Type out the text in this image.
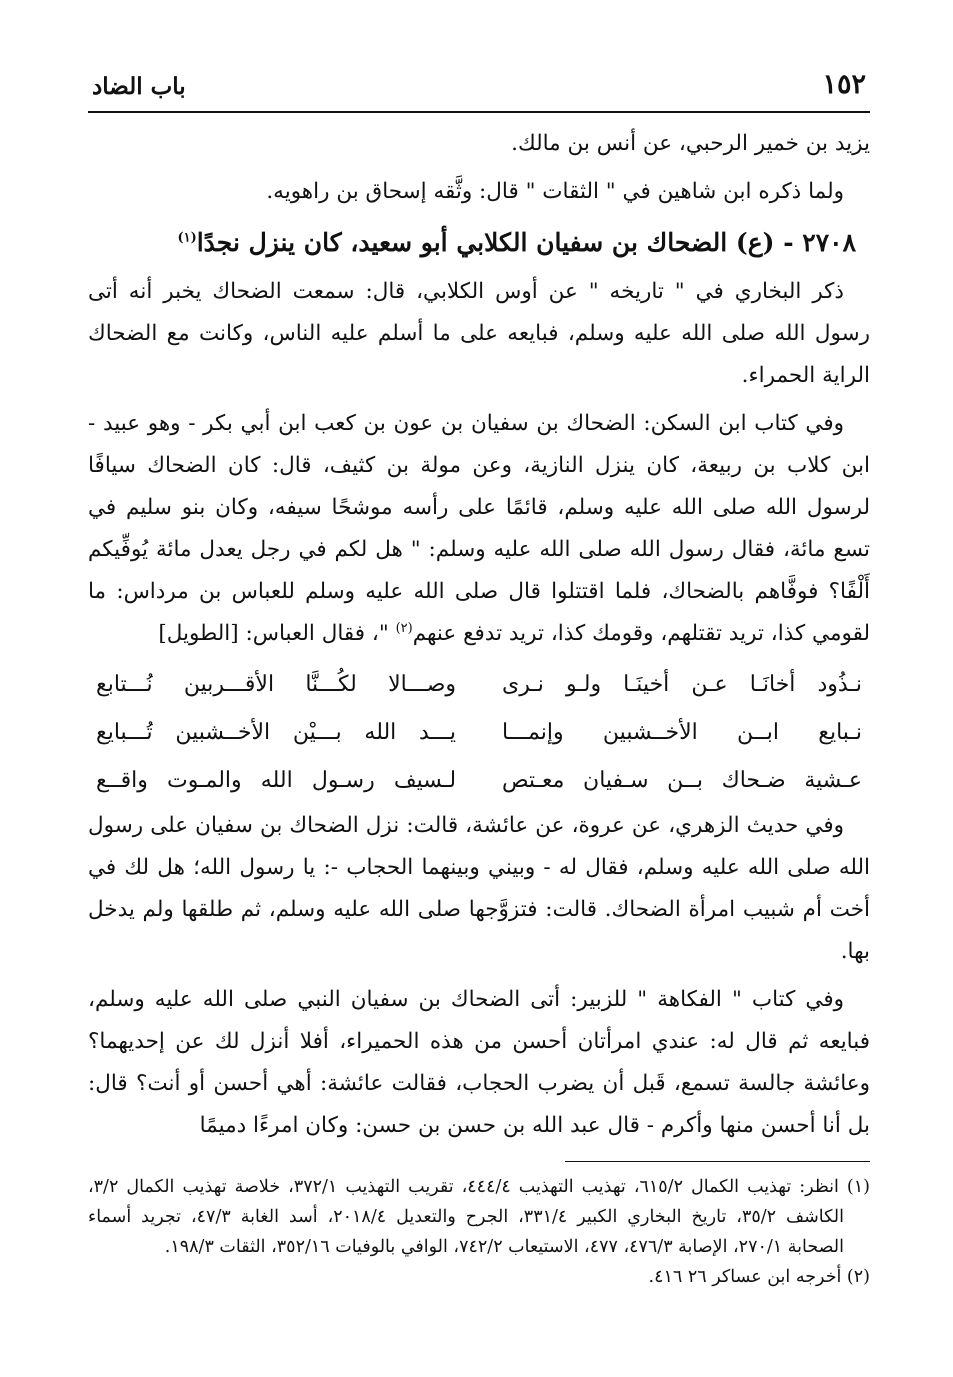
١٥٢
باب الضاد

يزيد بن خمير الرحبي، عن أنس بن مالك.

ولما ذكره ابن شاهين في " الثقات " قال: وثَّقه إسحاق بن راهويه.

٢٧٠٨ - (ع) الضحاك بن سفيان الكلابي أبو سعيد، كان ينزل نجدًا$^{(١)}$

ذكر البخاري في " تاريخه " عن أوس الكلابي، قال: سمعت الضحاك يخبر أنه أتى رسول الله صلى الله عليه وسلم، فبايعه على ما أسلم عليه الناس، وكانت مع الضحاك الراية الحمراء.

وفي كتاب ابن السكن: الضحاك بن سفيان بن عون بن كعب ابن أبي بكر - وهو عبيد - ابن كلاب بن ربيعة، كان ينزل النازية، وعن مولة بن كثيف، قال: كان الضحاك سيافًا لرسول الله صلى الله عليه وسلم، قائمًا على رأسه موشحًا سيفه، وكان بنو سليم في تسع مائة، فقال رسول الله صلى الله عليه وسلم: " هل لكم في رجل يعدل مائة يُوفِّيكم أَلْفًا؟ فوفَّاهم بالضحاك، فلما اقتتلوا قال صلى الله عليه وسلم للعباس بن مرداس: ما لقومي كذا، تريد تقتلهم، وقومك كذا، تريد تدفع عنهم$^{(٢)}$ "، فقال العباس: [الطويل]

نـذُود أخانَـا عـن أخينَـا ولـو نـرى
وصـــالا لكُـــنَّا الأقـــربين نُـــتابع
نـبايع ابــن الأخــشبين وإنمـــا
يـــد الله بـــيْن الأخــشبين تُـــبايع
عـشية ضـحاك بــن سـفيان معـتص
لـسيف رسـول الله والمـوت واقــع

وفي حديث الزهري، عن عروة، عن عائشة، قالت: نزل الضحاك بن سفيان على رسول الله صلى الله عليه وسلم، فقال له - وبيني وبينهما الحجاب -: يا رسول الله؛ هل لك في أخت أم شبيب امرأة الضحاك. قالت: فتزوَّجها صلى الله عليه وسلم، ثم طلقها ولم يدخل بها.

وفي كتاب " الفكاهة " للزبير: أتى الضحاك بن سفيان النبي صلى الله عليه وسلم، فبايعه ثم قال له: عندي امرأتان أحسن من هذه الحميراء، أفلا أنزل لك عن إحديهما؟ وعائشة جالسة تسمع، قَبل أن يضرب الحجاب، فقالت عائشة: أهي أحسن أو أنت؟ قال: بل أنا أحسن منها وأكرم - قال عبد الله بن حسن بن حسن: وكان امرءًا دميمًا

(١) انظر: تهذيب الكمال ٦١٥/٢، تهذيب التهذيب ٤٤٤/٤، تقريب التهذيب ٣٧٢/١، خلاصة تهذيب الكمال ٣/٢، الكاشف ٣٥/٢، تاريخ البخاري الكبير ٣٣١/٤، الجرح والتعديل ٢٠١٨/٤، أسد الغابة ٤٧/٣، تجريد أسماء الصحابة ٢٧٠/١، الإصابة ٤٧٦/٣، ٤٧٧، الاستيعاب ٧٤٢/٢، الوافي بالوفيات ٣٥٢/١٦، الثقات ١٩٨/٣.

(٢) أخرجه ابن عساكر ٢٦ ٤١٦.
